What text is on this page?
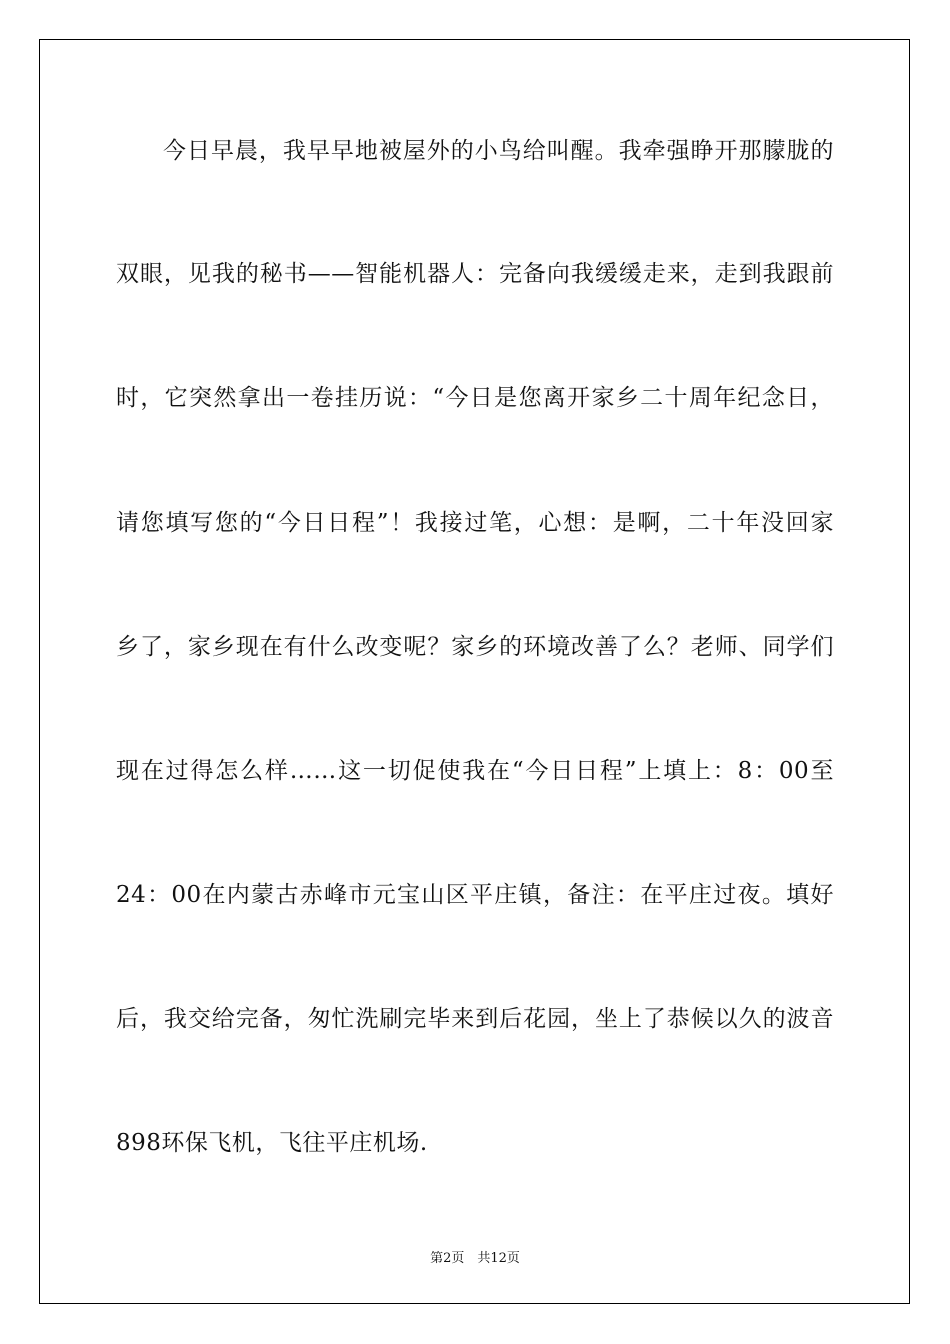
今日早晨，我早早地被屋外的小鸟给叫醒。我牵强睁开那朦胧的
双眼，见我的秘书——智能机器人：完备向我缓缓走来，走到我跟前
时，它突然拿出一卷挂历说：“今日是您离开家乡二十周年纪念日，
请您填写您的“今日日程”！我接过笔，心想：是啊，二十年没回家
乡了，家乡现在有什么改变呢？家乡的环境改善了么？老师、同学们
现在过得怎么样……这一切促使我在“今日日程”上填上：8：00至
24：00在内蒙古赤峰市元宝山区平庄镇，备注：在平庄过夜。填好
后，我交给完备，匆忙洗刷完毕来到后花园，坐上了恭候以久的波音
898环保飞机，飞往平庄机场.
第2页　共12页
